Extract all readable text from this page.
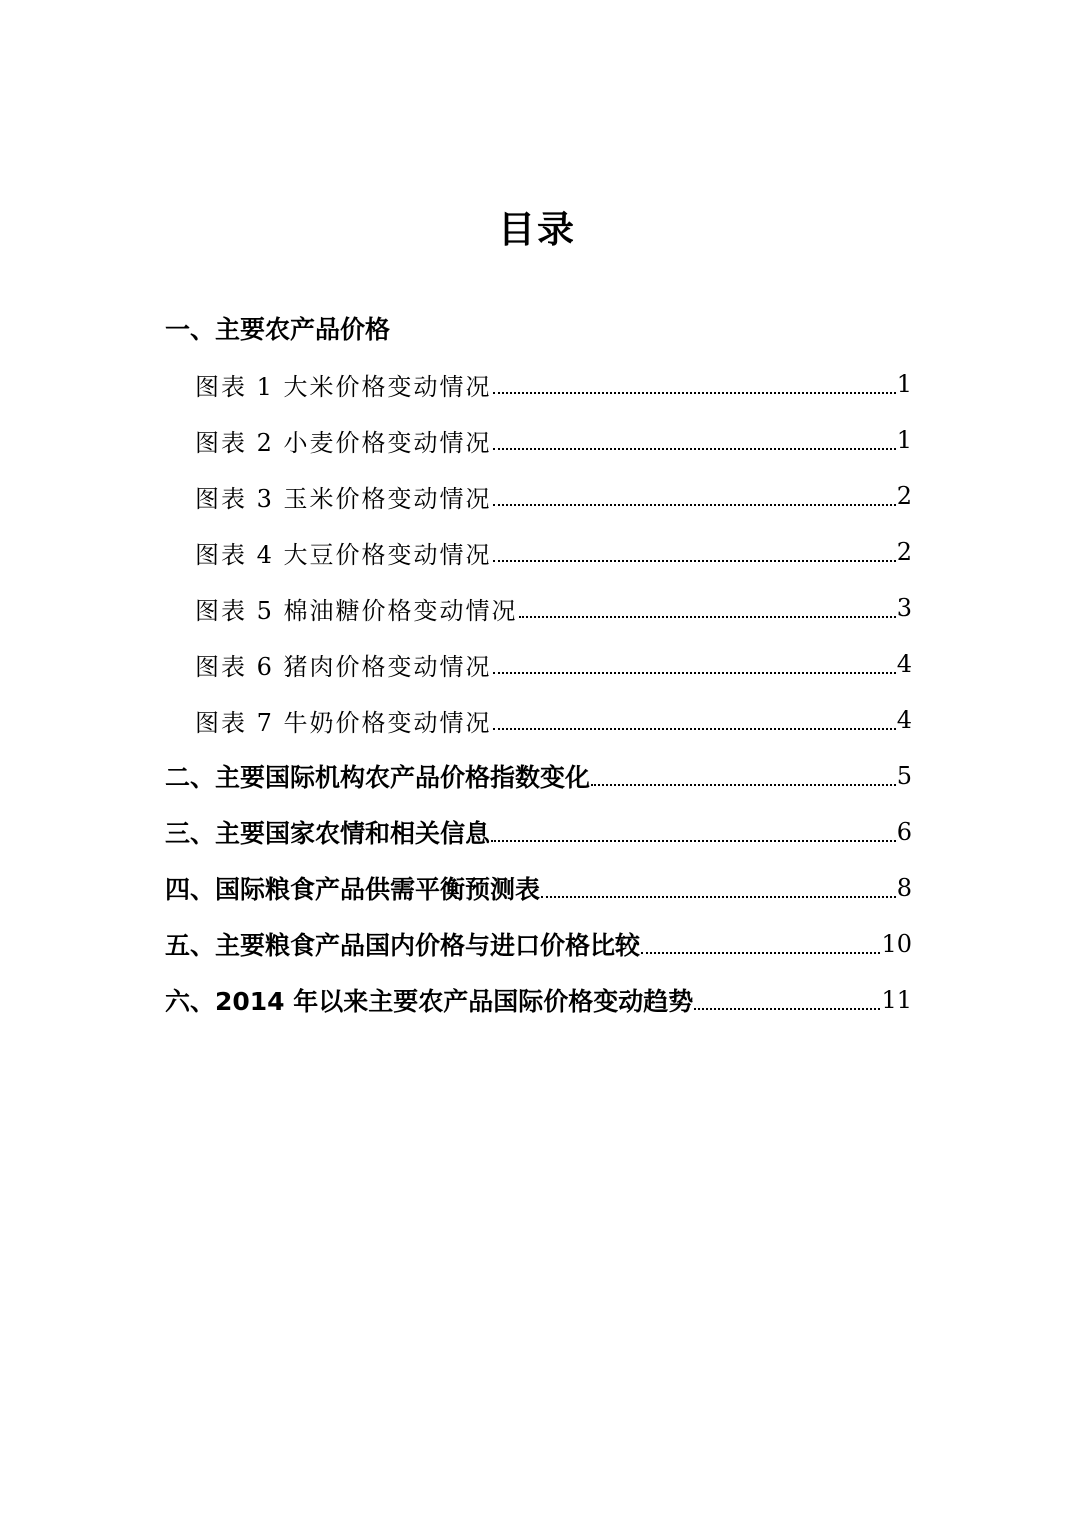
目录
一、主要农产品价格
图表 1 大米价格变动情况	1
图表 2 小麦价格变动情况	1
图表 3 玉米价格变动情况	2
图表 4 大豆价格变动情况	2
图表 5 棉油糖价格变动情况	3
图表 6 猪肉价格变动情况	4
图表 7 牛奶价格变动情况	4
二、主要国际机构农产品价格指数变化	5
三、主要国家农情和相关信息	6
四、国际粮食产品供需平衡预测表	8
五、主要粮食产品国内价格与进口价格比较	10
六、2014 年以来主要农产品国际价格变动趋势	11
